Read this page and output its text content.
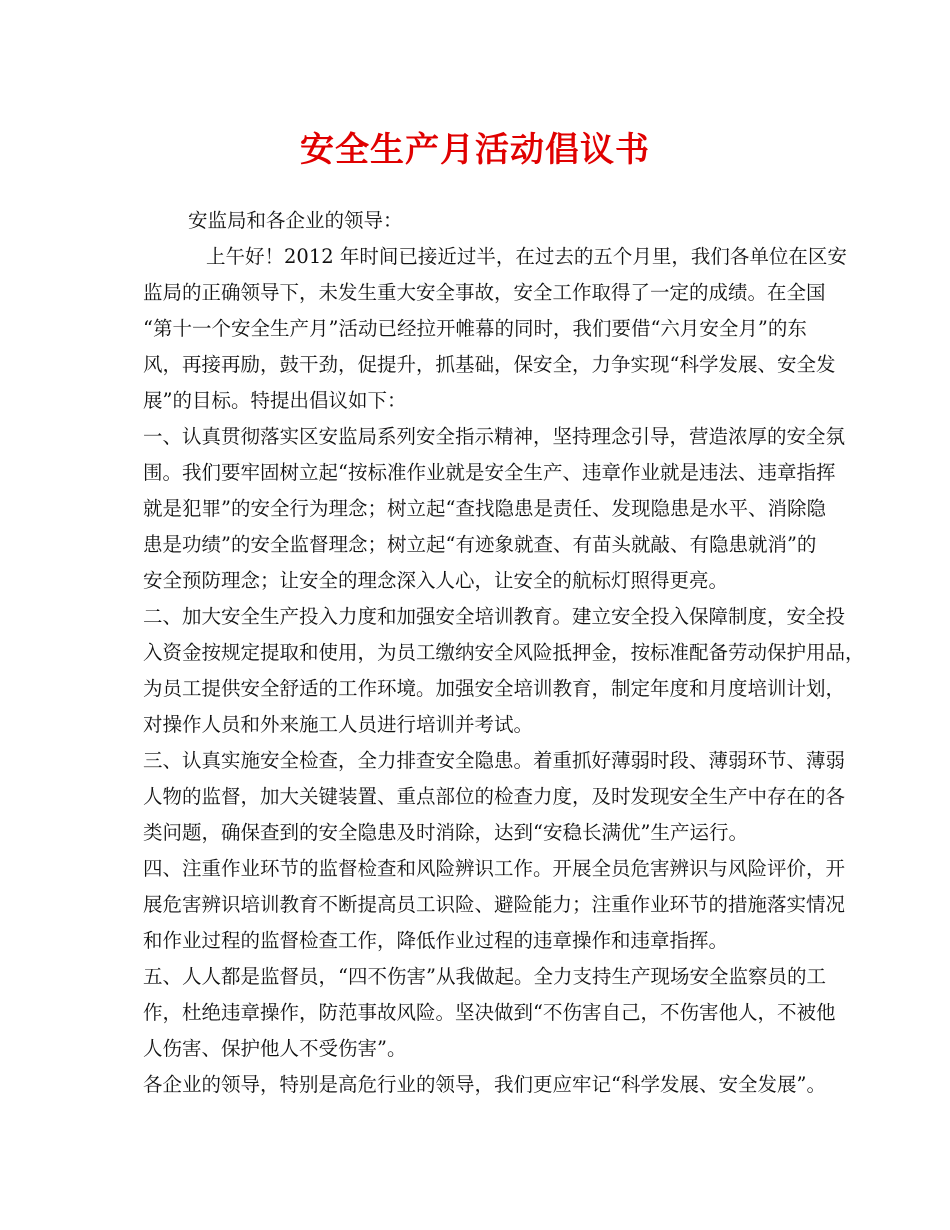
安全生产月活动倡议书

安监局和各企业的领导：

上午好！2012 年时间已接近过半，在过去的五个月里，我们各单位在区安

监局的正确领导下，未发生重大安全事故，安全工作取得了一定的成绩。在全国

“第十一个安全生产月”活动已经拉开帷幕的同时，我们要借“六月安全月”的东

风，再接再励，鼓干劲，促提升，抓基础，保安全，力争实现“科学发展、安全发

展”的目标。特提出倡议如下：

一、认真贯彻落实区安监局系列安全指示精神，坚持理念引导，营造浓厚的安全氛

围。我们要牢固树立起“按标准作业就是安全生产、违章作业就是违法、违章指挥

就是犯罪”的安全行为理念；树立起“查找隐患是责任、发现隐患是水平、消除隐

患是功绩”的安全监督理念；树立起“有迹象就查、有苗头就敲、有隐患就消”的

安全预防理念；让安全的理念深入人心，让安全的航标灯照得更亮。

二、加大安全生产投入力度和加强安全培训教育。建立安全投入保障制度，安全投

入资金按规定提取和使用，为员工缴纳安全风险抵押金，按标准配备劳动保护用品，

为员工提供安全舒适的工作环境。加强安全培训教育，制定年度和月度培训计划，

对操作人员和外来施工人员进行培训并考试。

三、认真实施安全检查，全力排查安全隐患。着重抓好薄弱时段、薄弱环节、薄弱

人物的监督，加大关键装置、重点部位的检查力度，及时发现安全生产中存在的各

类问题，确保查到的安全隐患及时消除，达到“安稳长满优”生产运行。

四、注重作业环节的监督检查和风险辨识工作。开展全员危害辨识与风险评价，开

展危害辨识培训教育不断提高员工识险、避险能力；注重作业环节的措施落实情况

和作业过程的监督检查工作，降低作业过程的违章操作和违章指挥。

五、人人都是监督员，“四不伤害”从我做起。全力支持生产现场安全监察员的工

作，杜绝违章操作，防范事故风险。坚决做到“不伤害自己，不伤害他人，不被他

人伤害、保护他人不受伤害”。

各企业的领导，特别是高危行业的领导，我们更应牢记“科学发展、安全发展”。
